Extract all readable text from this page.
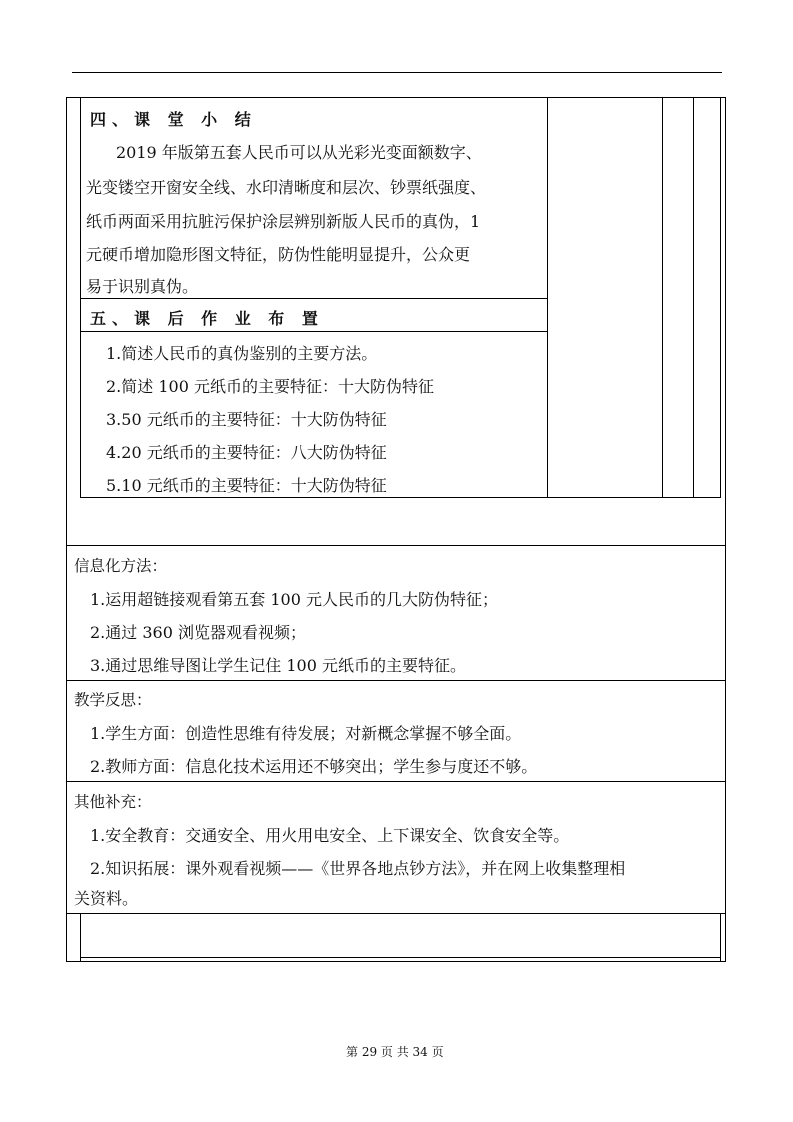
四、课 堂 小 结
2019 年版第五套人民币可以从光彩光变面额数字、
光变镂空开窗安全线、水印清晰度和层次、钞票纸强度、
纸币两面采用抗脏污保护涂层辨别新版人民币的真伪，1
元硬币增加隐形图文特征，防伪性能明显提升，公众更
易于识别真伪。
五、课 后 作 业 布 置
1.简述人民币的真伪鉴别的主要方法。
2.简述 100 元纸币的主要特征：十大防伪特征
3.50 元纸币的主要特征：十大防伪特征
4.20 元纸币的主要特征：八大防伪特征
5.10 元纸币的主要特征：十大防伪特征
信息化方法：
1.运用超链接观看第五套 100 元人民币的几大防伪特征；
2.通过 360 浏览器观看视频；
3.通过思维导图让学生记住 100 元纸币的主要特征。
教学反思：
1.学生方面：创造性思维有待发展；对新概念掌握不够全面。
2.教师方面：信息化技术运用还不够突出；学生参与度还不够。
其他补充：
1.安全教育：交通安全、用火用电安全、上下课安全、饮食安全等。
2.知识拓展：课外观看视频——《世界各地点钞方法》，并在网上收集整理相
关资料。
第 29 页 共 34 页
